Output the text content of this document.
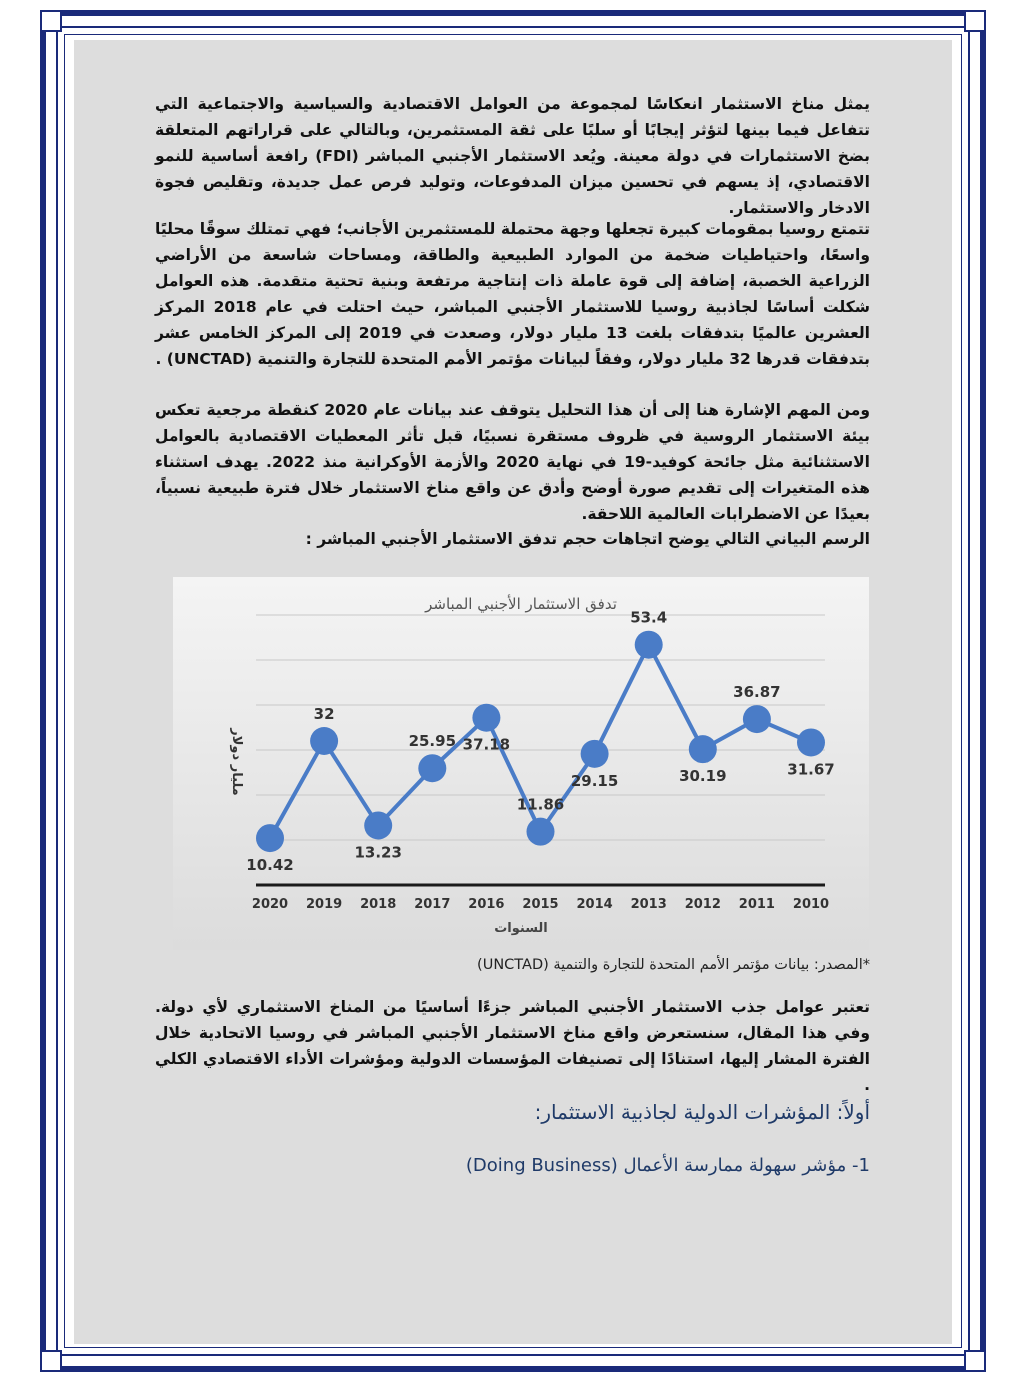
يمثل مناخ الاستثمار انعكاسًا لمجموعة من العوامل الاقتصادية والسياسية والاجتماعية التي تتفاعل فيما بينها لتؤثر إيجابًا أو سلبًا على ثقة المستثمرين، وبالتالي على قراراتهم المتعلقة بضخ الاستثمارات في دولة معينة. ويُعد الاستثمار الأجنبي المباشر (FDI) رافعة أساسية للنمو الاقتصادي، إذ يسهم في تحسين ميزان المدفوعات، وتوليد فرص عمل جديدة، وتقليص فجوة الادخار والاستثمار.
تتمتع روسيا بمقومات كبيرة تجعلها وجهة محتملة للمستثمرين الأجانب؛ فهي تمتلك سوقًا محليًا واسعًا، واحتياطيات ضخمة من الموارد الطبيعية والطاقة، ومساحات شاسعة من الأراضي الزراعية الخصبة، إضافة إلى قوة عاملة ذات إنتاجية مرتفعة وبنية تحتية متقدمة. هذه العوامل شكلت أساسًا لجاذبية روسيا للاستثمار الأجنبي المباشر، حيث احتلت في عام 2018 المركز العشرين عالميًا بتدفقات بلغت 13 مليار دولار، وصعدت في 2019 إلى المركز الخامس عشر بتدفقات قدرها 32 مليار دولار، وفقاً لبيانات مؤتمر الأمم المتحدة للتجارة والتنمية (UNCTAD) .
ومن المهم الإشارة هنا إلى أن هذا التحليل يتوقف عند بيانات عام 2020 كنقطة مرجعية تعكس بيئة الاستثمار الروسية في ظروف مستقرة نسبيًا، قبل تأثر المعطيات الاقتصادية بالعوامل الاستثنائية مثل جائحة كوفيد-19 في نهاية 2020 والأزمة الأوكرانية منذ 2022. يهدف استثناء هذه المتغيرات إلى تقديم صورة أوضح وأدق عن واقع مناخ الاستثمار خلال فترة طبيعية نسبياً، بعيدًا عن الاضطرابات العالمية اللاحقة.
الرسم البياني التالي يوضح اتجاهات حجم تدفق الاستثمار الأجنبي المباشر :
تدفق الاستثمار الأجنبي المباشر
السنوات
مليار دولار
10.42
32
13.23
25.95 37.18
11.86
29.15
53.4
30.19
36.87
31.67
2020 2019 2018 2017 2016 2015 2014 2013 2012 2011 2010
*المصدر: بيانات مؤتمر الأمم المتحدة للتجارة والتنمية (UNCTAD)
تعتبر عوامل جذب الاستثمار الأجنبي المباشر جزءًا أساسيًا من المناخ الاستثماري لأي دولة. وفي هذا المقال، سنستعرض واقع مناخ الاستثمار الأجنبي المباشر في روسيا الاتحادية خلال الفترة المشار إليها، استنادًا إلى تصنيفات المؤسسات الدولية ومؤشرات الأداء الاقتصادي الكلي .
أولاً: المؤشرات الدولية لجاذبية الاستثمار:
1- مؤشر سهولة ممارسة الأعمال (Doing Business)
